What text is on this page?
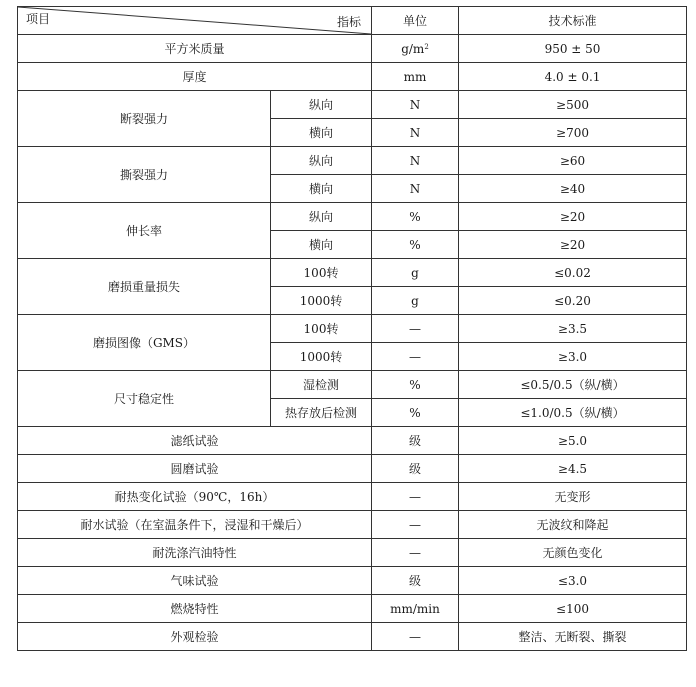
指标
项目		单位	技术标准
平方米质量		$g/m^2$	950 ± 50
厚度		mm	4.0 ± 0.1
断裂强力	纵向	N	≥500
	横向	N	≥700
撕裂强力	纵向	N	≥60
	横向	N	≥40
伸长率	纵向	%	≥20
	横向	%	≥20
磨损重量损失	100转	g	≤0.02
	1000转	g	≤0.20
磨损图像（GMS）	100转	—	≥3.5
	1000转	—	≥3.0
尺寸稳定性	湿检测	%	≤0.5/0.5（纵/横）
	热存放后检测	%	≤1.0/0.5（纵/横）
滤纸试验		级	≥5.0
圆磨试验		级	≥4.5
耐热变化试验（90℃，16h）		—	无变形
耐水试验（在室温条件下，浸湿和干燥后）		—	无波纹和降起
耐洗涤汽油特性		—	无颜色变化
气味试验		级	≤3.0
燃烧特性		mm/min	≤100
外观检验		—	整洁、无断裂、撕裂
